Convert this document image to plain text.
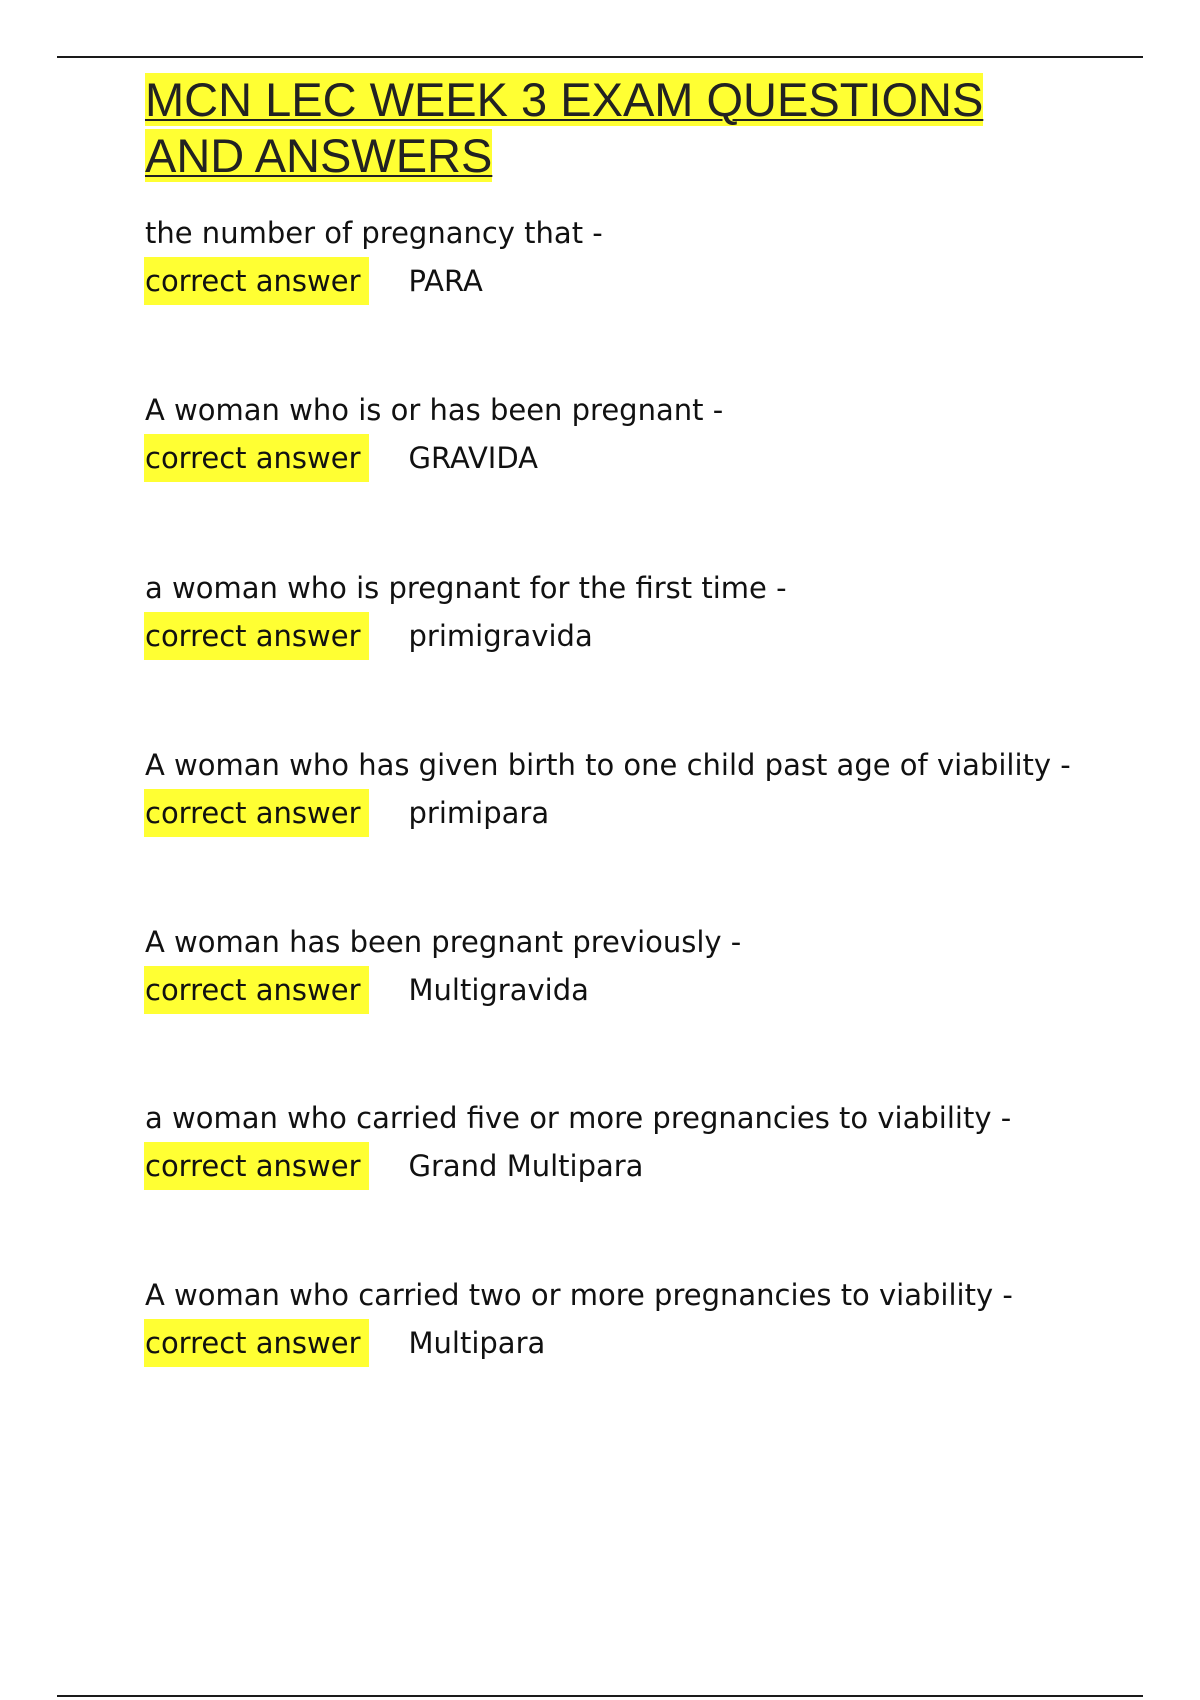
MCN LEC WEEK 3 EXAM QUESTIONS
AND ANSWERS
the number of pregnancy that -
correct answer PARA
A woman who is or has been pregnant -
correct answer GRAVIDA
a woman who is pregnant for the first time -
correct answer primigravida
A woman who has given birth to one child past age of viability -
correct answer primipara
A woman has been pregnant previously -
correct answer Multigravida
a woman who carried five or more pregnancies to viability -
correct answer Grand Multipara
A woman who carried two or more pregnancies to viability -
correct answer Multipara
